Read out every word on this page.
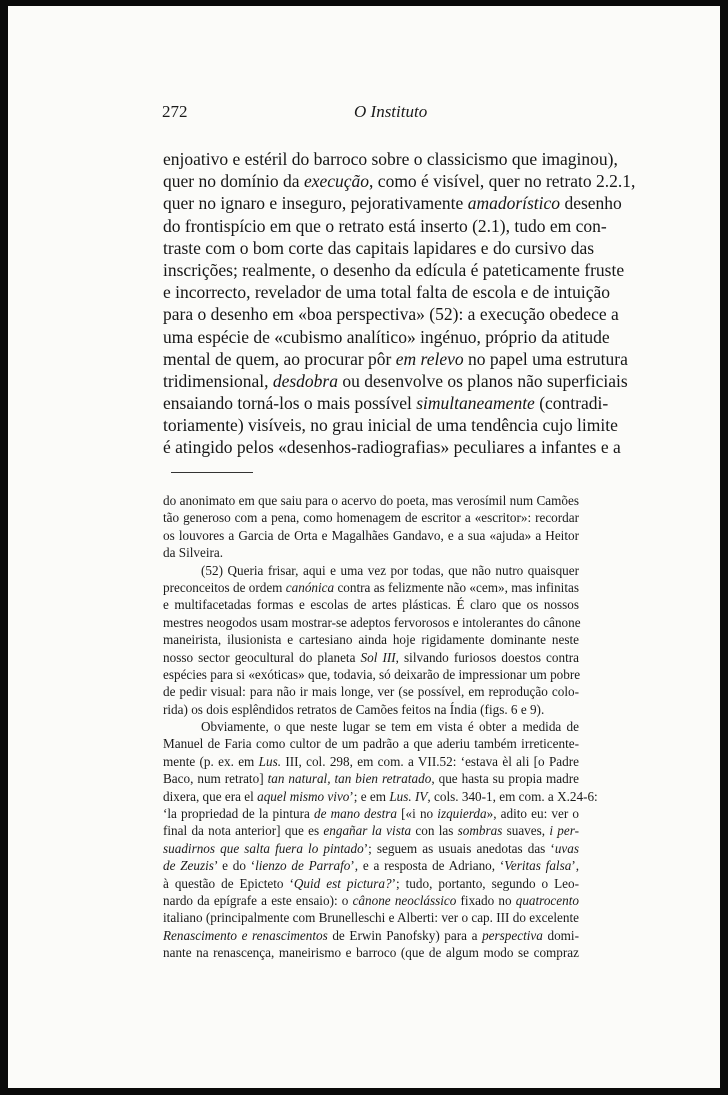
272	O Instituto
enjoativo e estéril do barroco sobre o classicismo que imaginou),
quer no domínio da execução, como é visível, quer no retrato 2.2.1,
quer no ignaro e inseguro, pejorativamente amadorístico desenho
do frontispício em que o retrato está inserto (2.1), tudo em con-
traste com o bom corte das capitais lapidares e do cursivo das
inscrições; realmente, o desenho da edícula é pateticamente fruste
e incorrecto, revelador de uma total falta de escola e de intuição
para o desenho em «boa perspectiva» (52): a execução obedece a
uma espécie de «cubismo analítico» ingénuo, próprio da atitude
mental de quem, ao procurar pôr em relevo no papel uma estrutura
tridimensional, desdobra ou desenvolve os planos não superficiais
ensaiando torná-los o mais possível simultaneamente (contradi-
toriamente) visíveis, no grau inicial de uma tendência cujo limite
é atingido pelos «desenhos-radiografias» peculiares a infantes e a
do anonimato em que saiu para o acervo do poeta, mas verosímil num Camões
tão generoso com a pena, como homenagem de escritor a «escritor»: recordar
os louvores a Garcia de Orta e Magalhães Gandavo, e a sua «ajuda» a Heitor
da Silveira.
(52) Queria frisar, aqui e uma vez por todas, que não nutro quaisquer
preconceitos de ordem canónica contra as felizmente não «cem», mas infinitas
e multifacetadas formas e escolas de artes plásticas. É claro que os nossos
mestres neogodos usam mostrar-se adeptos fervorosos e intolerantes do cânone
maneirista, ilusionista e cartesiano ainda hoje rigidamente dominante neste
nosso sector geocultural do planeta Sol III, silvando furiosos doestos contra
espécies para si «exóticas» que, todavia, só deixarão de impressionar um pobre
de pedir visual: para não ir mais longe, ver (se possível, em reprodução colo-
rida) os dois esplêndidos retratos de Camões feitos na Índia (figs. 6 e 9).
Obviamente, o que neste lugar se tem em vista é obter a medida de
Manuel de Faria como cultor de um padrão a que aderiu também irreticente-
mente (p. ex. em Lus. III, col. 298, em com. a VII.52: ‘estava èl ali [o Padre
Baco, num retrato] tan natural, tan bien retratado, que hasta su propia madre
dixera, que era el aquel mismo vivo’; e em Lus. IV, cols. 340-1, em com. a X.24-6:
‘la propriedad de la pintura de mano destra [«i no izquierda», adito eu: ver o
final da nota anterior] que es engañar la vista con las sombras suaves, i per-
suadirnos que salta fuera lo pintado’; seguem as usuais anedotas das ‘uvas
de Zeuzis’ e do ‘lienzo de Parrafo’, e a resposta de Adriano, ‘Veritas falsa’,
à questão de Epicteto ‘Quid est pictura?’; tudo, portanto, segundo o Leo-
nardo da epígrafe a este ensaio): o cânone neoclássico fixado no quatrocento
italiano (principalmente com Brunelleschi e Alberti: ver o cap. III do excelente
Renascimento e renascimentos de Erwin Panofsky) para a perspectiva domi-
nante na renascença, maneirismo e barroco (que de algum modo se compraz
